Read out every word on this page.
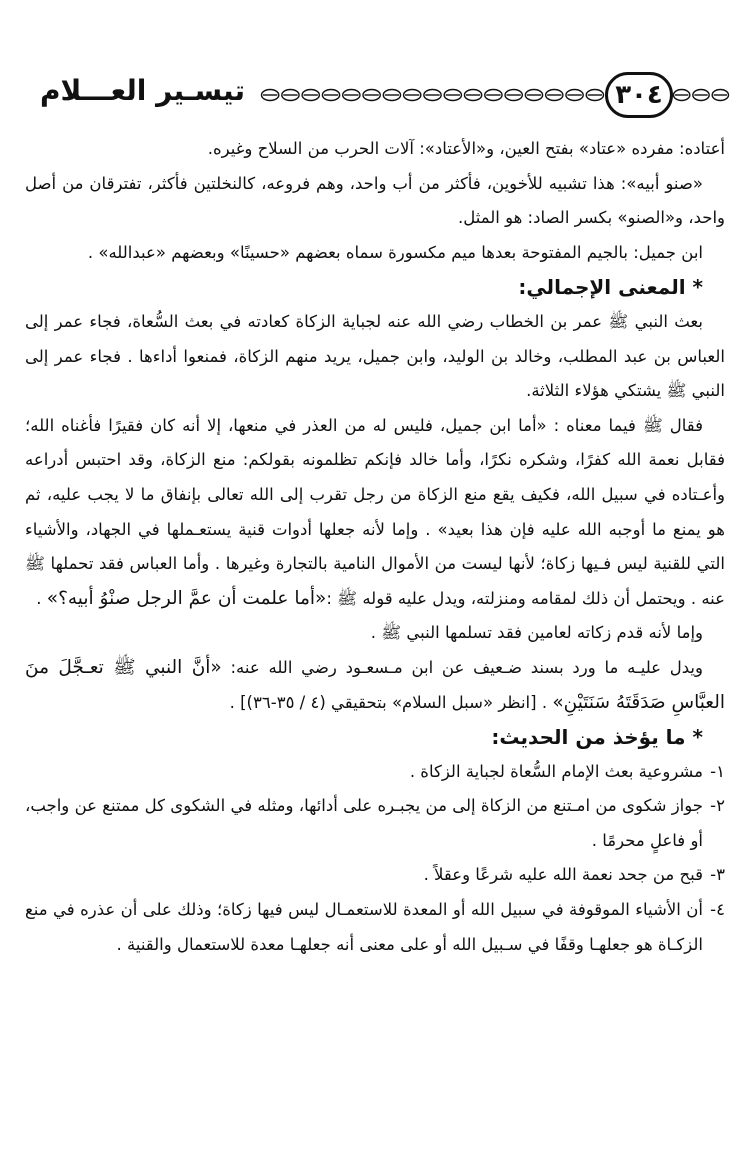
تيسـير العـــلام	٣٠٤

أعتاده: مفرده «عتاد» بفتح العين، و«الأعتاد»: آلات الحرب من السلاح وغيره.

«صنو أبيه»: هذا تشبيه للأخوين، فأكثر من أب واحد، وهم فروعه، كالنخلتين فأكثر، تفترقان من أصل واحد، و«الصنو» بكسر الصاد: هو المثل.

ابن جميل: بالجيم المفتوحة بعدها ميم مكسورة سماه بعضهم «حسينًا» وبعضهم «عبدالله» .

* المعنى الإجمالي:

بعث النبي ﷺ عمر بن الخطاب رضي الله عنه لجباية الزكاة كعادته في بعث السُّعاة، فجاء عمر إلى العباس بن عبد المطلب، وخالد بن الوليد، وابن جميل، يريد منهم الزكاة، فمنعوا أداءها . فجاء عمر إلى النبي ﷺ يشتكي هؤلاء الثلاثة.

فقال ﷺ فيما معناه : «أما ابن جميل، فليس له من العذر في منعها، إلا أنه كان فقيرًا فأغناه الله؛ فقابل نعمة الله كفرًا، وشكره نكرًا، وأما خالد فإنكم تظلمونه بقولكم: منع الزكاة، وقد احتبس أدراعه وأعـتاده في سبيل الله، فكيف يقع منع الزكاة من رجل تقرب إلى الله تعالى بإنفاق ما لا يجب عليه، ثم هو يمنع ما أوجبه الله عليه فإن هذا بعيد» . وإما لأنه جعلها أدوات قنية يستعـملها في الجهاد، والأشياء التي للقنية ليس فـيها زكاة؛ لأنها ليست من الأموال النامية بالتجارة وغيرها . وأما العباس فقد تحملها ﷺ عنه . ويحتمل أن ذلك لمقامه ومنزلته، ويدل عليه قوله ﷺ :«أما علمت أن عمَّ الرجل صنْوُ أبيه؟» .

وإما لأنه قدم زكاته لعامين فقد تسلمها النبي ﷺ .

ويدل عليـه ما ورد بسند ضـعيف عن ابن مـسعـود رضي الله عنه: «أنَّ النبي ﷺ تعـجَّلَ منَ العبَّاسِ صَدَقَتَهُ سَنَتَيْنِ» . [انظر «سبل السلام» بتحقيقي (٤ / ٣٥-٣٦)] .

* ما يؤخذ من الحديث:

١-
مشروعية بعث الإمام السُّعاة لجباية الزكاة .
٢-
جواز شكوى من امـتنع من الزكاة إلى من يجبـره على أدائها، ومثله في الشكوى كل ممتنع عن واجب، أو فاعلٍ محرمًا .
٣-
قبح من جحد نعمة الله عليه شرعًا وعقلاً .
٤-
أن الأشياء الموقوفة في سبيل الله أو المعدة للاستعمـال ليس فيها زكاة؛ وذلك على أن عذره في منع الزكـاة هو جعلهـا وقفًا في سـبيل الله أو على معنى أنه جعلهـا معدة للاستعمال والقنية .
